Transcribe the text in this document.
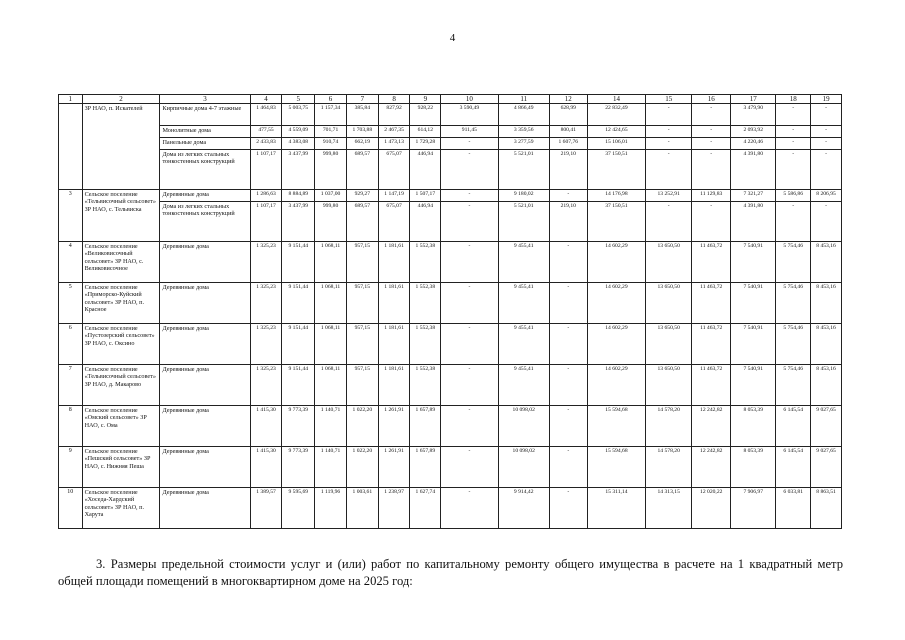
4
1	2	3	4	5	6	7	8	9	10	11	12	14	15	16	17	18	19
	ЗР НАО, п. Искателей	Кирпичные дома 4-7 этажные	1 464,83	5 003,75	1 157,34	385,84	827,92	928,22	3 590,49	4 866,49	628,99	22 832,49	-	-	3 479,90	-	-
		Монолитные дома	477,55	4 559,09	701,71	1 703,88	2 467,35	614,12	911,45	3 359,56	800,41	12 424,65	-	-	2 093,92	-	-
		Панельные дома	2 433,83	4 383,08	910,74	662,19	1 473,13	1 729,28	-	3 277,59	1 607,76	15 106,01	-	-	4 220,46	-	-
		Дома из легких стальных тонкостенных конструкций	1 107,17	3 437,99	999,80	689,57	675,07	446,94	-	5 521,01	219,10	37 150,51	-	-	4 391,80	-	-
3	Сельское поселение «Тельвисочный сельсовет» ЗР НАО, с. Тельвиска	Деревянные дома	1 286,63	8 884,89	1 037,00	929,27	1 147,19	1 507,17	-	9 180,02	-	14 176,98	13 252,91	11 129,83	7 321,27	5 586,86	8 206,95
		Дома из легких стальных тонкостенных конструкций	1 107,17	3 437,99	999,80	689,57	675,07	446,94	-	5 521,01	219,10	37 150,51	-	-	4 391,80	-	-
4	Сельское поселение «Великовисочный сельсовет» ЗР НАО, с. Великовисочное	Деревянные дома	1 325,23	9 151,44	1 068,11	957,15	1 181,61	1 552,38	-	9 455,41	-	14 602,29	13 650,50	11 463,72	7 540,91	5 754,46	8 453,16
5	Сельское поселение «Приморско-Куйский сельсовет» ЗР НАО, п. Красное	Деревянные дома	1 325,23	9 151,44	1 068,11	957,15	1 181,61	1 552,38	-	9 455,41	-	14 602,29	13 650,50	11 463,72	7 540,91	5 754,46	8 453,16
6	Сельское поселение «Пустозерский сельсовет» ЗР НАО, с. Оксино	Деревянные дома	1 325,23	9 151,44	1 068,11	957,15	1 181,61	1 552,38	-	9 455,41	-	14 602,29	13 650,50	11 463,72	7 540,91	5 754,46	8 453,16
7	Сельское поселение «Тельвисочный сельсовет» ЗР НАО, д. Макарово	Деревянные дома	1 325,23	9 151,44	1 068,11	957,15	1 181,61	1 552,38	-	9 455,41	-	14 602,29	13 650,50	11 463,72	7 540,91	5 754,46	8 453,16
8	Сельское поселение «Омский сельсовет» ЗР НАО, с. Ома	Деревянные дома	1 415,30	9 773,39	1 140,71	1 022,20	1 261,91	1 657,89	-	10 098,02	-	15 594,68	14 578,20	12 242,82	8 053,39	6 145,54	9 027,65
9	Сельское поселение «Пешский сельсовет» ЗР НАО, с. Нижняя Пеша	Деревянные дома	1 415,30	9 773,39	1 140,71	1 022,20	1 261,91	1 657,89	-	10 098,02	-	15 594,68	14 578,20	12 242,82	8 053,39	6 145,54	9 027,65
10	Сельское поселение «Хоседа-Хардский сельсовет» ЗР НАО, п. Харута	Деревянные дома	1 389,57	9 595,69	1 119,96	1 003,61	1 238,97	1 627,74	-	9 914,42	-	15 311,14	14 313,15	12 020,22	7 906,97	6 033,81	8 863,51
3. Размеры предельной стоимости услуг и (или) работ по капитальному ремонту общего имущества в расчете на 1 квадратный метр общей площади помещений в многоквартирном доме на 2025 год:
